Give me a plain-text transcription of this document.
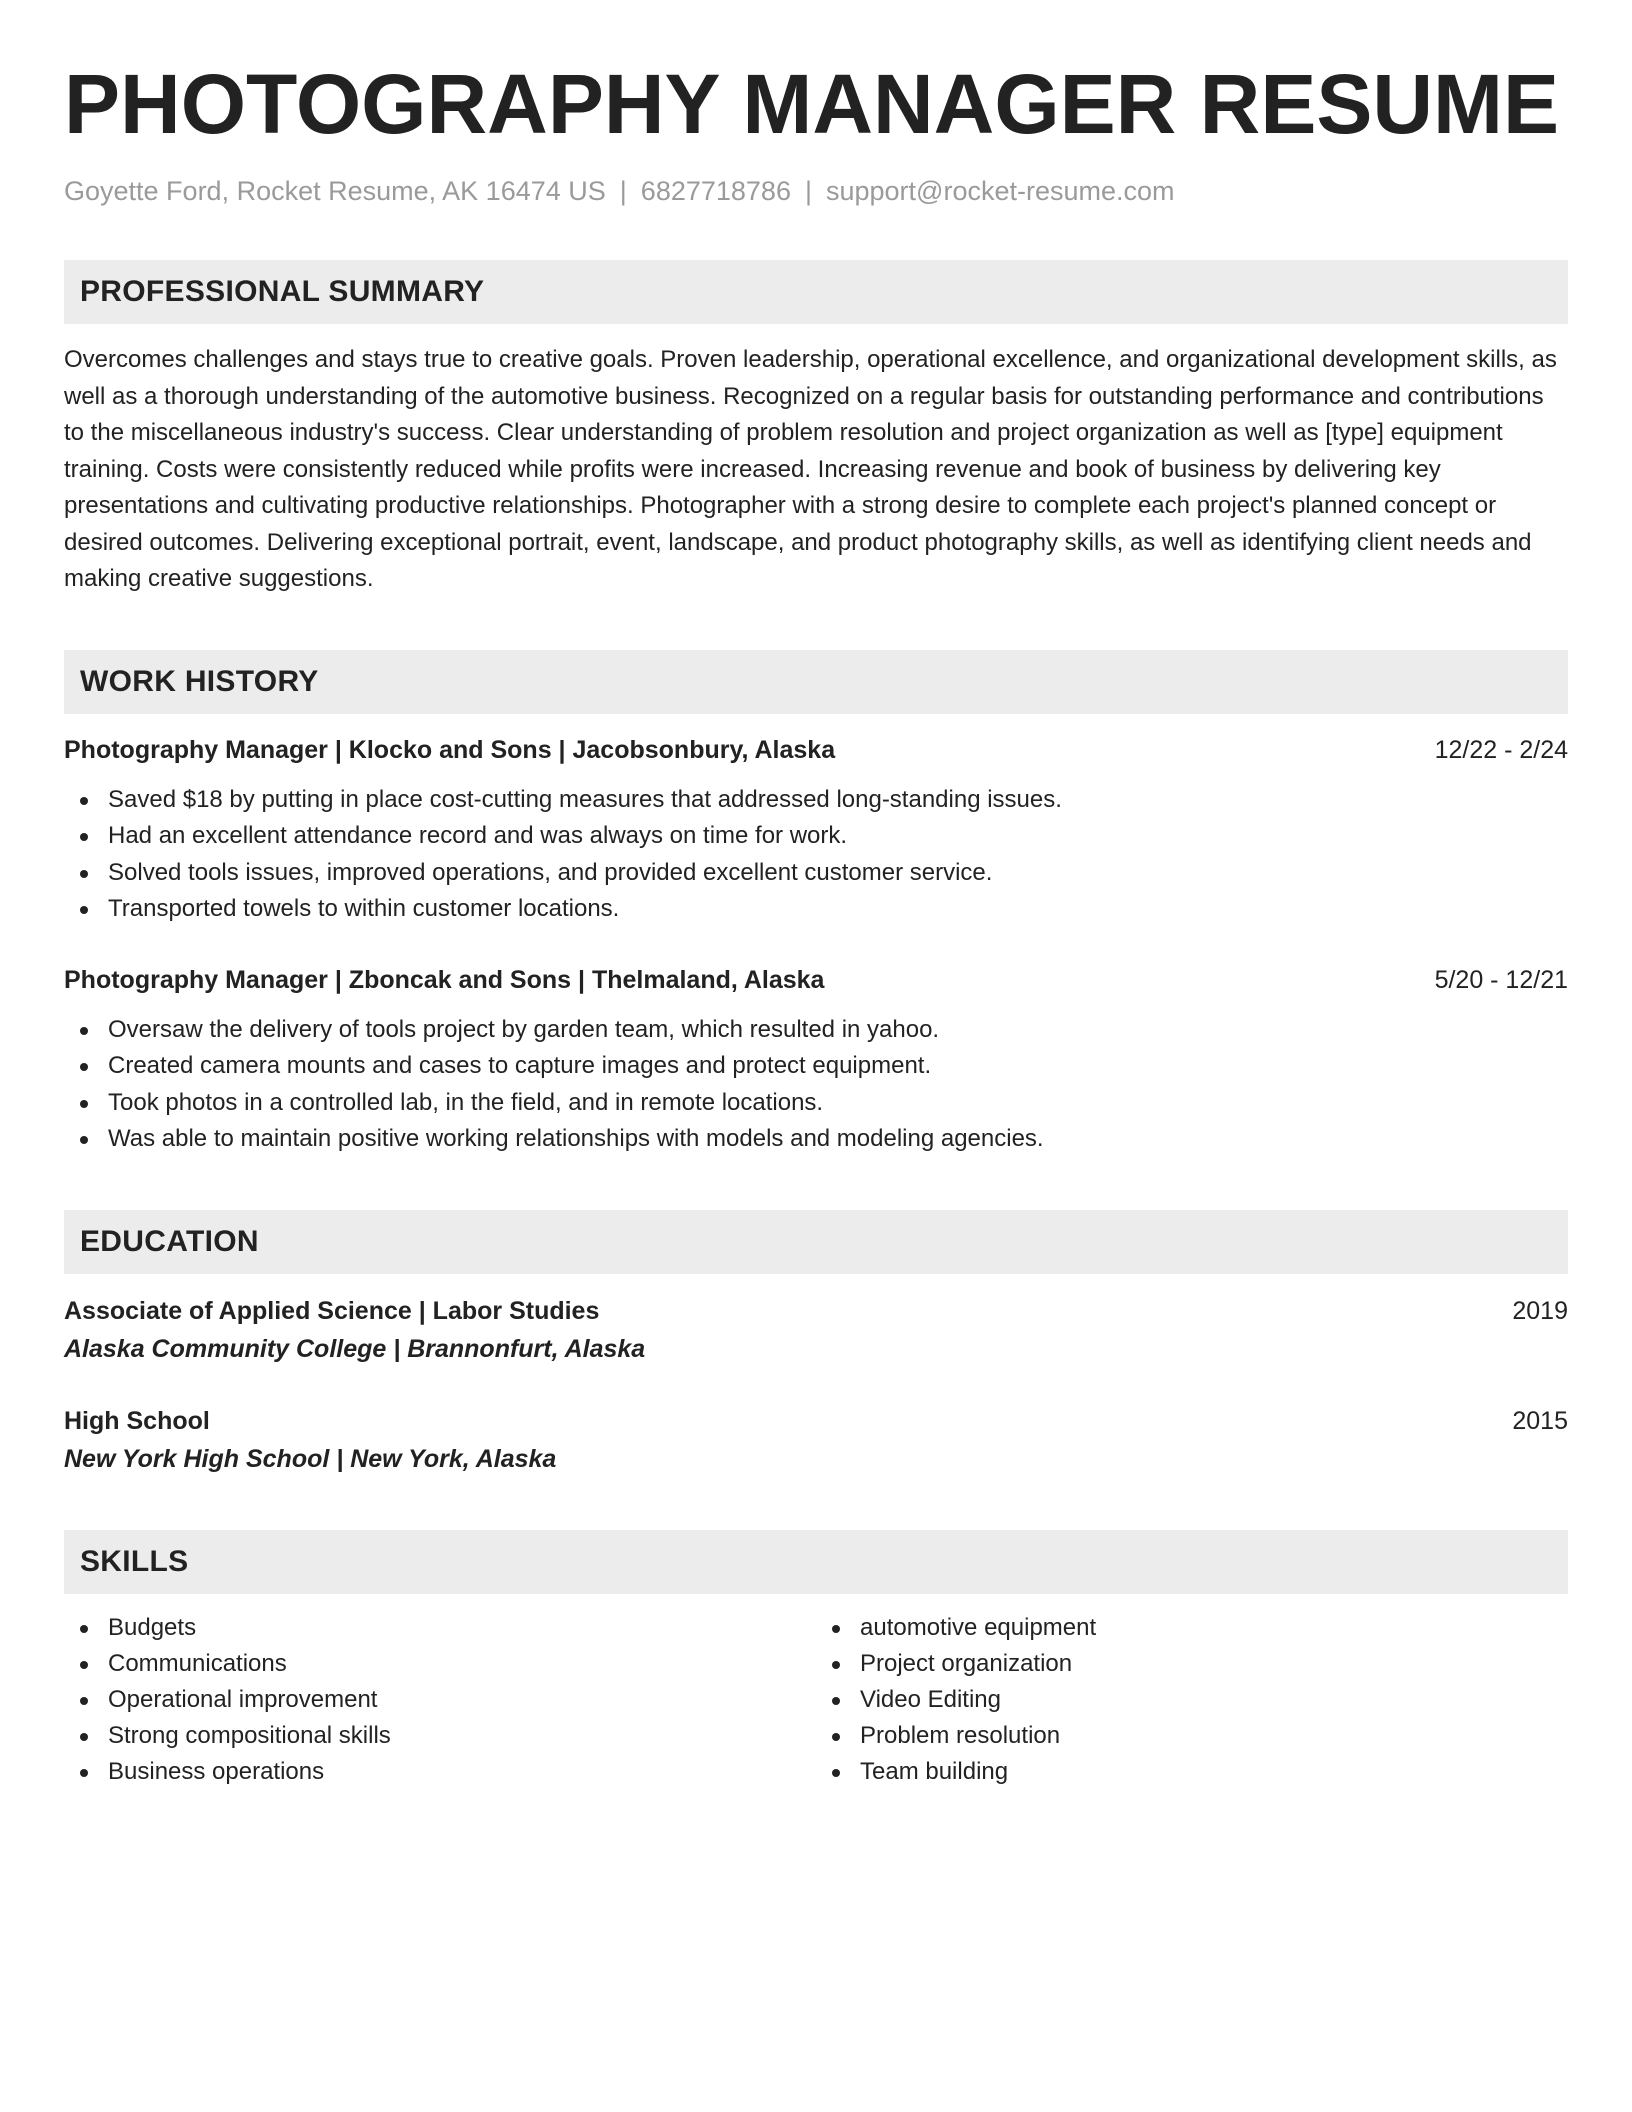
PHOTOGRAPHY MANAGER RESUME
Goyette Ford, Rocket Resume, AK 16474 US | 6827718786 | support@rocket-resume.com
PROFESSIONAL SUMMARY

Overcomes challenges and stays true to creative goals. Proven leadership, operational excellence, and organizational development skills, as well as a thorough understanding of the automotive business. Recognized on a regular basis for outstanding performance and contributions to the miscellaneous industry's success. Clear understanding of problem resolution and project organization as well as [type] equipment training. Costs were consistently reduced while profits were increased. Increasing revenue and book of business by delivering key presentations and cultivating productive relationships. Photographer with a strong desire to complete each project's planned concept or desired outcomes. Delivering exceptional portrait, event, landscape, and product photography skills, as well as identifying client needs and making creative suggestions.

WORK HISTORY
Photography Manager | Klocko and Sons | Jacobsonbury, Alaska	12/22 - 2/24
Saved $18 by putting in place cost-cutting measures that addressed long-standing issues.
Had an excellent attendance record and was always on time for work.
Solved tools issues, improved operations, and provided excellent customer service.
Transported towels to within customer locations.
Photography Manager | Zboncak and Sons | Thelmaland, Alaska	5/20 - 12/21
Oversaw the delivery of tools project by garden team, which resulted in yahoo.
Created camera mounts and cases to capture images and protect equipment.
Took photos in a controlled lab, in the field, and in remote locations.
Was able to maintain positive working relationships with models and modeling agencies.
EDUCATION
Associate of Applied Science | Labor Studies	2019
Alaska Community College | Brannonfurt, Alaska
High School	2015
New York High School | New York, Alaska
SKILLS
Budgets
Communications
Operational improvement
Strong compositional skills
Business operations
automotive equipment
Project organization
Video Editing
Problem resolution
Team building
